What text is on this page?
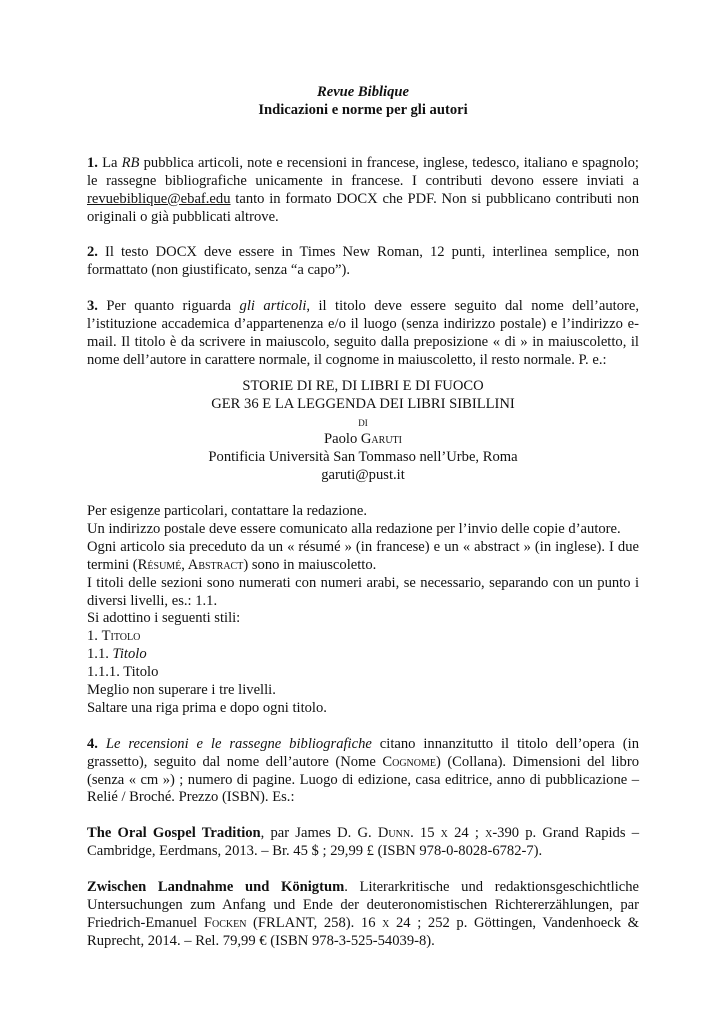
Revue Biblique

Indicazioni e norme per gli autori

1. La RB pubblica articoli, note e recensioni in francese, inglese, tedesco, italiano e spagnolo; le rassegne bibliografiche unicamente in francese. I contributi devono essere inviati a revuebiblique@ebaf.edu tanto in formato DOCX che PDF. Non si pubblicano contributi non originali o già pubblicati altrove.

2. Il testo DOCX deve essere in Times New Roman, 12 punti, interlinea semplice, non formattato (non giustificato, senza “a capo”).

3. Per quanto riguarda gli articoli, il titolo deve essere seguito dal nome dell’autore, l’istituzione accademica d’appartenenza e/o il luogo (senza indirizzo postale) e l’indirizzo e-mail. Il titolo è da scrivere in maiuscolo, seguito dalla preposizione « di » in maiuscoletto, il nome dell’autore in carattere normale, il cognome in maiuscoletto, il resto normale. P. e.:

STORIE DI RE, DI LIBRI E DI FUOCO
GER 36 E LA LEGGENDA DEI LIBRI SIBILLINI
di
Paolo Garuti
Pontificia Università San Tommaso nell’Urbe, Roma
garuti@pust.it

Per esigenze particolari, contattare la redazione.

Un indirizzo postale deve essere comunicato alla redazione per l’invio delle copie d’autore.

Ogni articolo sia preceduto da un « résumé » (in francese) e un « abstract » (in inglese). I due termini (Résumé, Abstract) sono in maiuscoletto.

I titoli delle sezioni sono numerati con numeri arabi, se necessario, separando con un punto i diversi livelli, es.: 1.1.

Si adottino i seguenti stili:

1. Titolo

1.1. Titolo

1.1.1. Titolo

Meglio non superare i tre livelli.

Saltare una riga prima e dopo ogni titolo.

4. Le recensioni e le rassegne bibliografiche citano innanzitutto il titolo dell’opera (in grassetto), seguito dal nome dell’autore (Nome Cognome) (Collana). Dimensioni del libro (senza « cm ») ; numero di pagine. Luogo di edizione, casa editrice, anno di pubblicazione – Relié / Broché. Prezzo (ISBN). Es.:

The Oral Gospel Tradition, par James D. G. Dunn. 15 x 24 ; x-390 p. Grand Rapids – Cambridge, Eerdmans, 2013. – Br. 45 $ ; 29,99 £ (ISBN 978-0-8028-6782-7).

Zwischen Landnahme und Königtum. Literarkritische und redaktionsgeschichtliche Untersuchungen zum Anfang und Ende der deuteronomistischen Richtererzählungen, par Friedrich-Emanuel Focken (FRLANT, 258). 16 x 24 ; 252 p. Göttingen, Vandenhoeck & Ruprecht, 2014. – Rel. 79,99 € (ISBN 978-3-525-54039-8).
